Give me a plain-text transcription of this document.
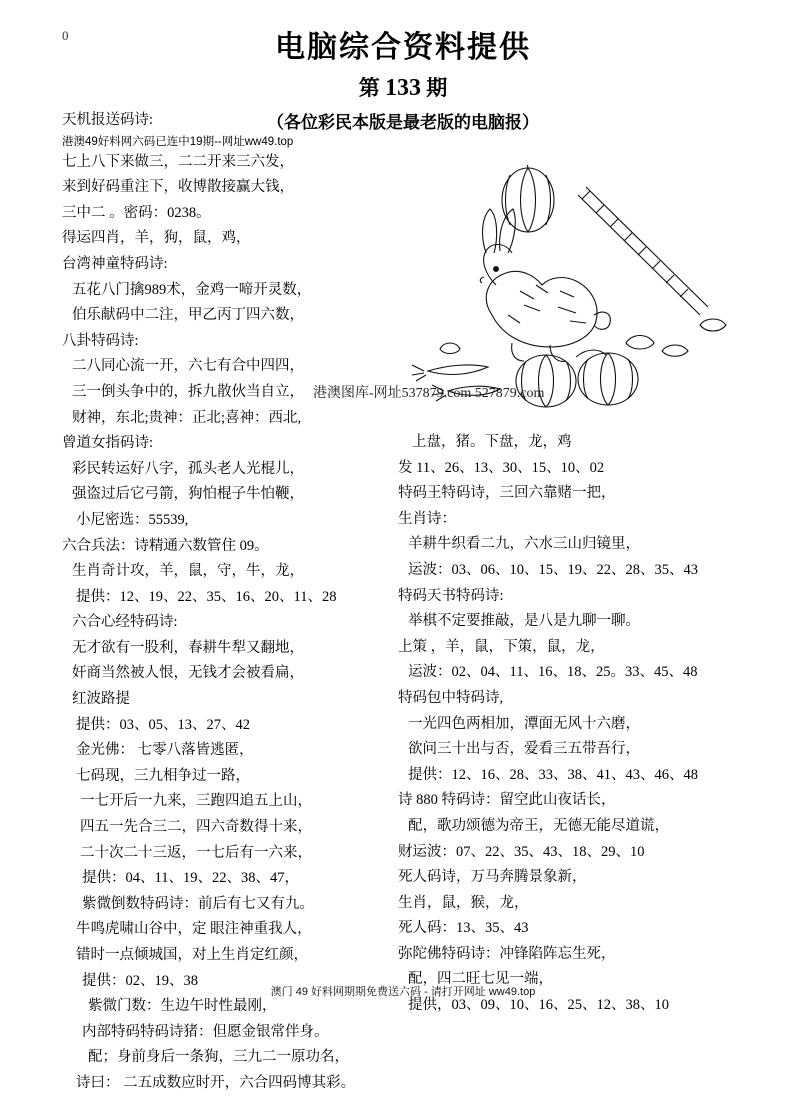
0	电脑综合资料提供
第 133 期
（各位彩民本版是最老版的电脑报）
天机报送码诗:
港澳49好料网六码已连中19期--网址ww49.top
七上八下来做三，二二开来三六发，
来到好码重注下，收博散接赢大钱，
三中二 。密码：0238。
得运四肖，羊，狗，鼠，鸡，
台湾神童特码诗:
五花八门擒989术，金鸡一啼开灵数，
伯乐献码中二注，甲乙丙丁四六数，
八卦特码诗:
二八同心流一开，六七有合中四四，
三一倒头争中的，拆九散伙当自立，
财神，东北;贵神：正北;喜神：西北,
曾道女指码诗:
彩民转运好八字，孤头老人光棍儿，
强盗过后它弓箭，狗怕棍子牛怕鞭，
小尼密选：55539,
六合兵法：诗精通六数管住 09。
生肖奇计攻，羊，鼠，守，牛，龙，
提供：12、19、22、35、16、20、11、28
六合心经特码诗:
无才欲有一股利，春耕牛犁又翻地，
奸商当然被人恨，无钱才会被看扁，
红波路提
提供：03、05、13、27、42
金光佛： 七零八落皆逃匿，
七码现，三九相争过一路，
一七开后一九来，三跑四追五上山，
四五一先合三二，四六奇数得十来，
二十次二十三返，一七后有一六来，
提供：04、11、19、22、38、47，
紫微倒数特码诗：前后有七又有九。
牛鸣虎啸山谷中，定 眼注神重我人，
错时一点倾城国，对上生肖定红颜，
提供：02、19、38
紫微门数：生边午时性最刚，
内部特码特码诗猪：但愿金银常伴身。
配；身前身后一条狗，三九二一原功名，
诗曰： 二五成数应时开，六合四码博其彩。
上盘，猪。下盘，龙，鸡
发 11、26、13、30、15、10、02
特码王特码诗，三回六靠赌一把，
生肖诗：
羊耕牛织看二九，六水三山归镜里，
运波：03、06、10、15、19、22、28、35、43
特码天书特码诗:
举棋不定要推敲，是八是九聊一聊。
上策 ，羊，鼠，下策，鼠，龙，
运波：02、04、11、16、18、25。33、45、48
特码包中特码诗,
一光四色两相加，潭面无风十六磨，
欲问三十出与否，爱看三五带吾行，
提供：12、16、28、33、38、41、43、46、48
诗 880 特码诗：留空此山夜话长，
配，歌功颂德为帝王，无德无能尽道谎，
财运波：07、22、35、43、18、29、10
死人码诗，万马奔腾景象新，
生肖，鼠，猴，龙，
死人码：13、35、43
弥陀佛特码诗：冲锋陷阵忘生死，
配，四二旺七见一端，
提供，03、09、10、16、25、12、38、10
港澳图库-网址537879.com 527879.com
澳门 49 好料网期期免费送六码 - 请打开网址 ww49.top
